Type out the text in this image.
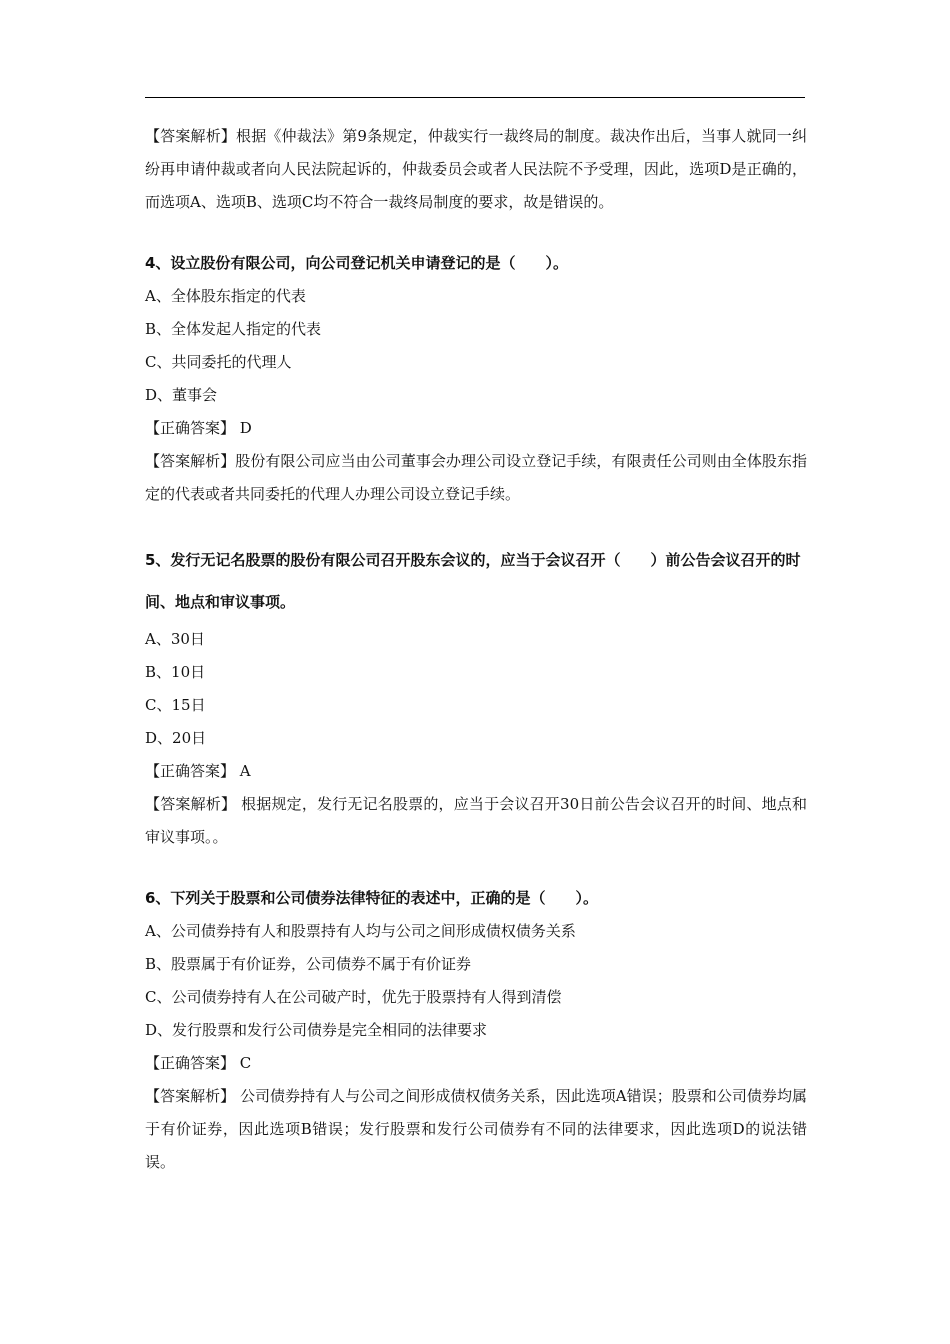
【答案解析】根据《仲裁法》第9条规定，仲裁实行一裁终局的制度。裁决作出后，当事人就同一纠纷再申请仲裁或者向人民法院起诉的，仲裁委员会或者人民法院不予受理，因此，选项D是正确的，而选项A、选项B、选项C均不符合一裁终局制度的要求，故是错误的。

4、设立股份有限公司，向公司登记机关申请登记的是（　　）。

A、全体股东指定的代表

B、全体发起人指定的代表

C、共同委托的代理人

D、董事会

【正确答案】 D

【答案解析】股份有限公司应当由公司董事会办理公司设立登记手续，有限责任公司则由全体股东指定的代表或者共同委托的代理人办理公司设立登记手续。

5、发行无记名股票的股份有限公司召开股东会议的，应当于会议召开（　　）前公告会议召开的时间、地点和审议事项。

A、30日

B、10日

C、15日

D、20日

【正确答案】 A

【答案解析】 根据规定，发行无记名股票的，应当于会议召开30日前公告会议召开的时间、地点和审议事项。。

6、下列关于股票和公司债券法律特征的表述中，正确的是（　　）。

A、公司债券持有人和股票持有人均与公司之间形成债权债务关系

B、股票属于有价证券，公司债券不属于有价证券

C、公司债券持有人在公司破产时，优先于股票持有人得到清偿

D、发行股票和发行公司债券是完全相同的法律要求

【正确答案】 C

【答案解析】 公司债券持有人与公司之间形成债权债务关系，因此选项A错误；股票和公司债券均属于有价证券，因此选项B错误；发行股票和发行公司债券有不同的法律要求，因此选项D的说法错误。
